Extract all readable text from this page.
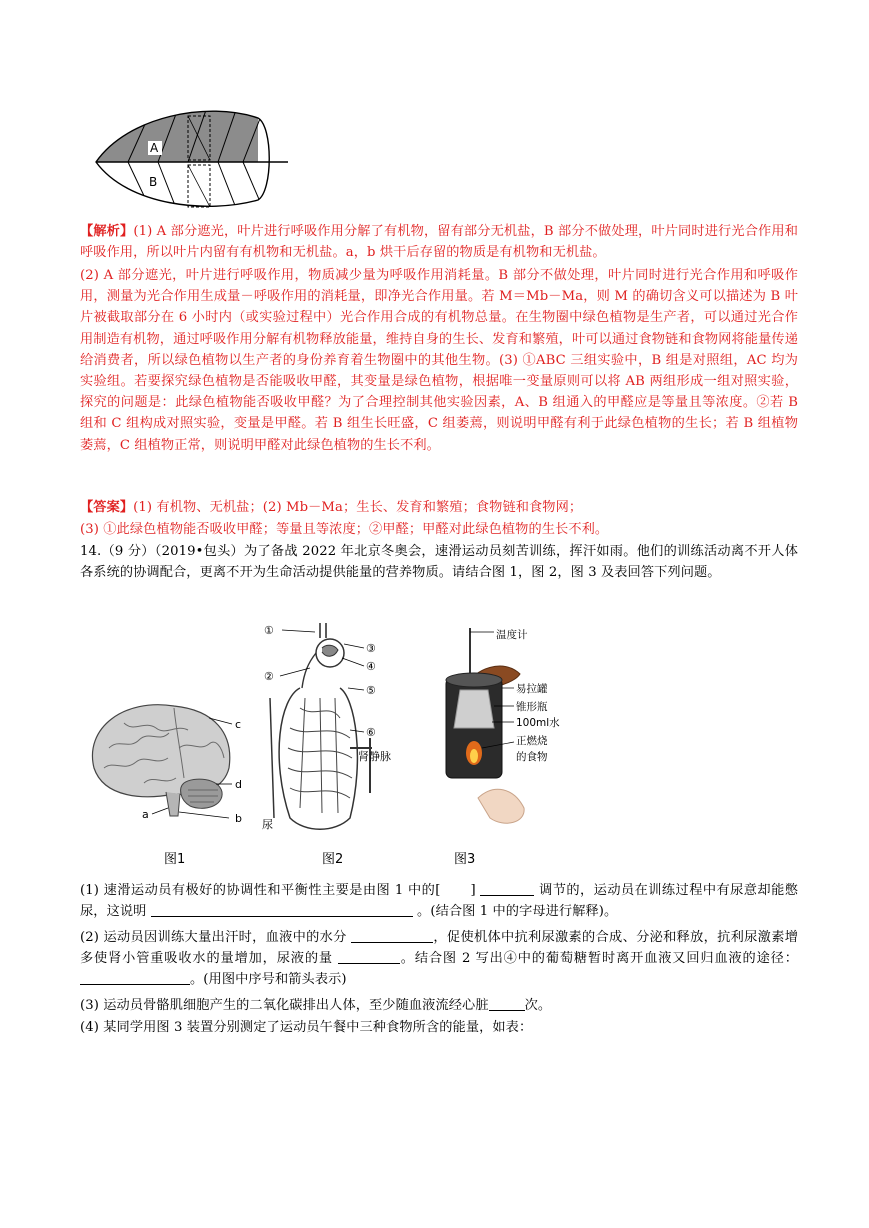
A
B
【解析】(1) A 部分遮光，叶片进行呼吸作用分解了有机物，留有部分无机盐，B 部分不做处理，叶片同时进行光合作用和呼吸作用，所以叶片内留有有机物和无机盐。a，b 烘干后存留的物质是有机物和无机盐。
(2) A 部分遮光，叶片进行呼吸作用，物质减少量为呼吸作用消耗量。B 部分不做处理，叶片同时进行光合作用和呼吸作用，测量为光合作用生成量－呼吸作用的消耗量，即净光合作用量。若 M＝Mb－Ma，则 M 的确切含义可以描述为 B 叶片被截取部分在 6 小时内（或实验过程中）光合作用合成的有机物总量。在生物圈中绿色植物是生产者，可以通过光合作用制造有机物，通过呼吸作用分解有机物释放能量，维持自身的生长、发育和繁殖，叶可以通过食物链和食物网将能量传递给消费者，所以绿色植物以生产者的身份养育着生物圈中的其他生物。(3) ①ABC 三组实验中，B 组是对照组，AC 均为实验组。若要探究绿色植物是否能吸收甲醛，其变量是绿色植物，根据唯一变量原则可以将 AB 两组形成一组对照实验，探究的问题是：此绿色植物能否吸收甲醛？为了合理控制其他实验因素，A、B 组通入的甲醛应是等量且等浓度。②若 B 组和 C 组构成对照实验，变量是甲醛。若 B 组生长旺盛，C 组萎蔫，则说明甲醛有利于此绿色植物的生长；若 B 组植物萎蔫，C 组植物正常，则说明甲醛对此绿色植物的生长不利。
【答案】(1) 有机物、无机盐；(2) Mb－Ma；生长、发育和繁殖；食物链和食物网；
(3) ①此绿色植物能否吸收甲醛；等量且等浓度；②甲醛；甲醛对此绿色植物的生长不利。
14.（9 分）（2019•包头）为了备战 2022 年北京冬奥会，速滑运动员刻苦训练，挥汗如雨。他们的训练活动离不开人体各系统的协调配合，更离不开为生命活动提供能量的营养物质。请结合图 1，图 2，图 3 及表回答下列问题。
c
d
a	b
①
②
③
④
⑤
⑥
肾静脉
尿
温度计
易拉罐
锥形瓶
100ml水
正燃烧
的食物
图1	图2	图3
(1) 速滑运动员有极好的协调性和平衡性主要是由图 1 中的[ ]	调节的，运动员在训练过程中有尿意却能憋尿，这说明	。(结合图 1 中的字母进行解释)。
(2) 运动员因训练大量出汗时，血液中的水分	，促使机体中抗利尿激素的合成、分泌和释放，抗利尿激素增多使肾小管重吸收水的量增加，尿液的量	。结合图 2 写出④中的葡萄糖暂时离开血液又回归血液的途径： 。(用图中序号和箭头表示)
(3) 运动员骨骼肌细胞产生的二氧化碳排出人体，至少随血液流经心脏	次。
(4) 某同学用图 3 装置分别测定了运动员午餐中三种食物所含的能量，如表：
